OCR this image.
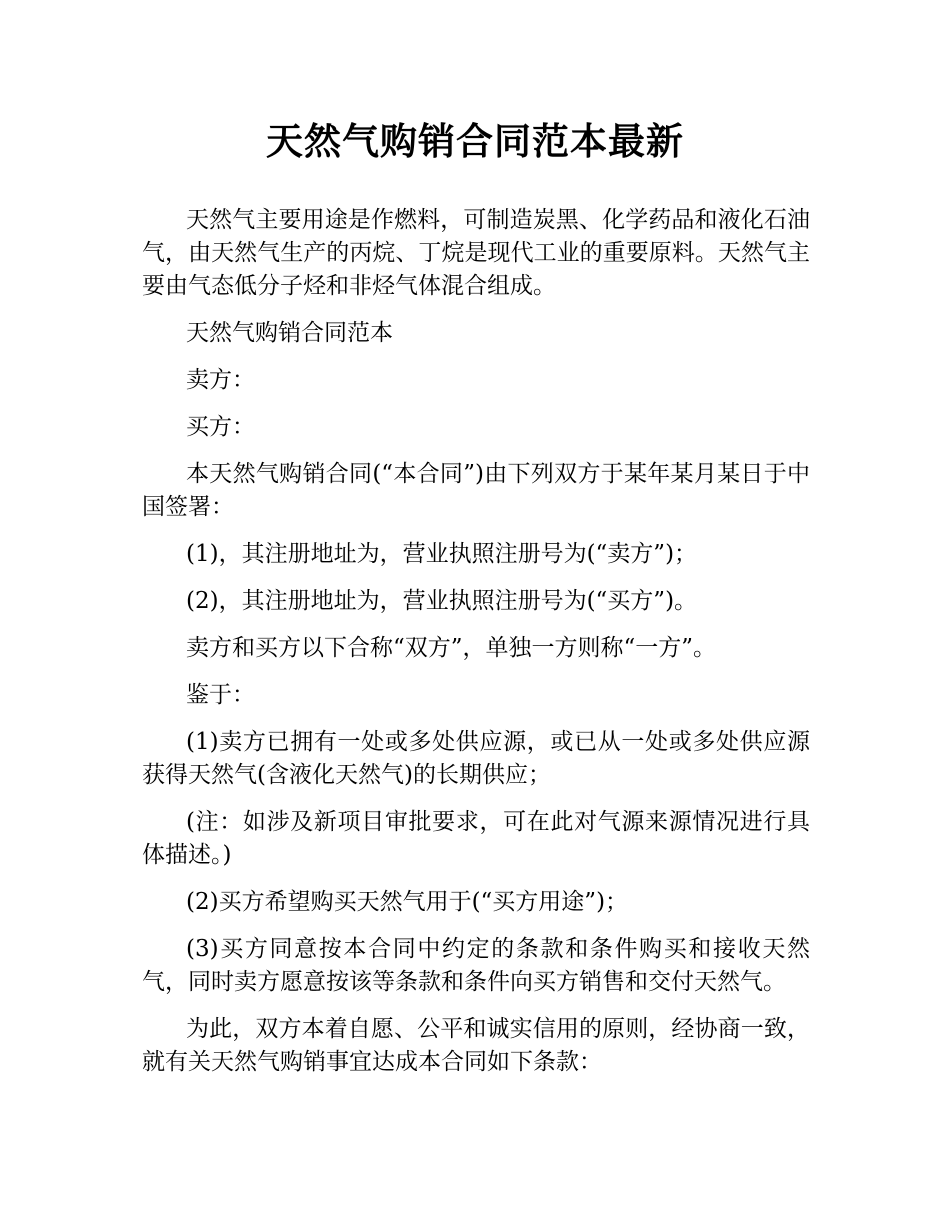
天然气购销合同范本最新

天然气主要用途是作燃料，可制造炭黑、化学药品和液化石油气，由天然气生产的丙烷、丁烷是现代工业的重要原料。天然气主要由气态低分子烃和非烃气体混合组成。

天然气购销合同范本

卖方：

买方：

本天然气购销合同(“本合同”)由下列双方于某年某月某日于中国签署：

(1)，其注册地址为，营业执照注册号为(“卖方”)；

(2)，其注册地址为，营业执照注册号为(“买方”)。

卖方和买方以下合称“双方”，单独一方则称“一方”。

鉴于：

(1)卖方已拥有一处或多处供应源，或已从一处或多处供应源获得天然气(含液化天然气)的长期供应；

(注：如涉及新项目审批要求，可在此对气源来源情况进行具体描述。)

(2)买方希望购买天然气用于(“买方用途”)；

(3)买方同意按本合同中约定的条款和条件购买和接收天然气，同时卖方愿意按该等条款和条件向买方销售和交付天然气。

为此，双方本着自愿、公平和诚实信用的原则，经协商一致，就有关天然气购销事宜达成本合同如下条款：
